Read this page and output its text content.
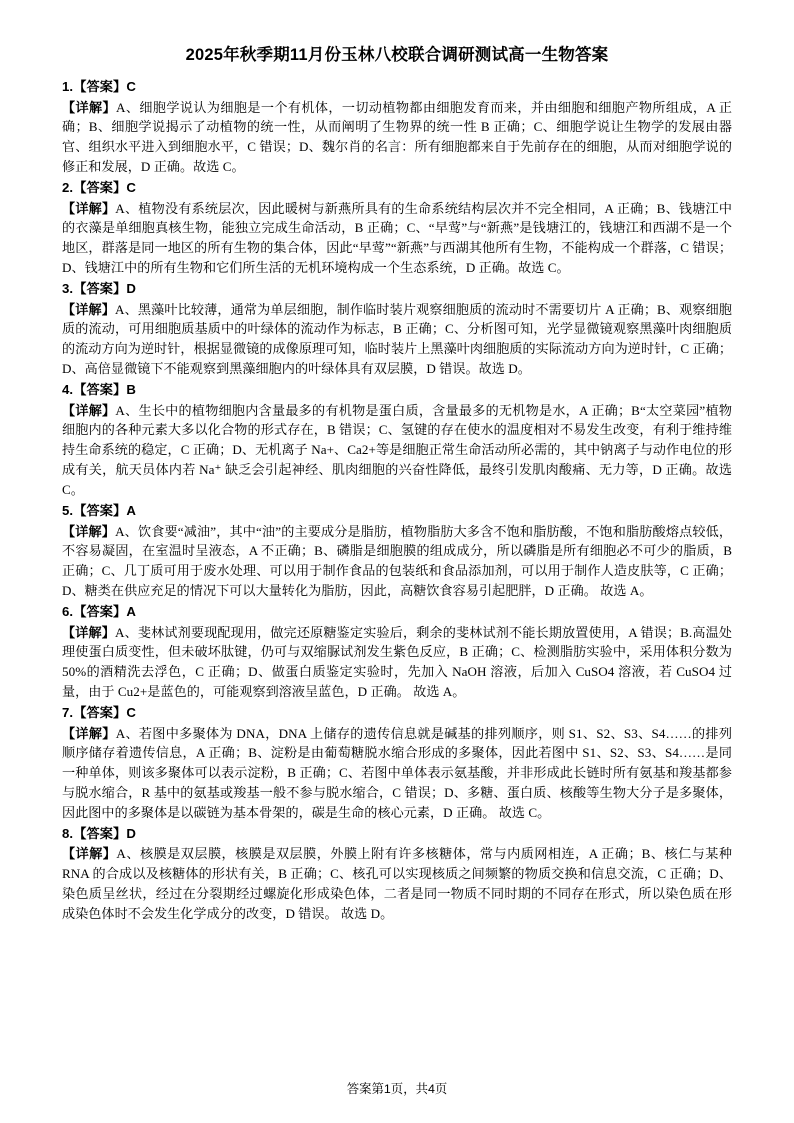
2025年秋季期11月份玉林八校联合调研测试高一生物答案

1.【答案】C

【详解】A、细胞学说认为细胞是一个有机体，一切动植物都由细胞发育而来，并由细胞和细胞产物所组成，A 正确；B、细胞学说揭示了动植物的统一性，从而阐明了生物界的统一性 B 正确；C、细胞学说让生物学的发展由器官、组织水平进入到细胞水平，C 错误；D、魏尔肖的名言：所有细胞都来自于先前存在的细胞，从而对细胞学说的修正和发展，D 正确。故选 C。

2.【答案】C

【详解】A、植物没有系统层次，因此暖树与新燕所具有的生命系统结构层次并不完全相同，A 正确；B、钱塘江中的衣藻是单细胞真核生物，能独立完成生命活动，B 正确；C、“早莺”与“新燕”是钱塘江的，钱塘江和西湖不是一个地区，群落是同一地区的所有生物的集合体，因此“早莺”“新燕”与西湖其他所有生物，不能构成一个群落，C 错误；D、钱塘江中的所有生物和它们所生活的无机环境构成一个生态系统，D 正确。故选 C。

3.【答案】D

【详解】A、黑藻叶比较薄，通常为单层细胞，制作临时装片观察细胞质的流动时不需要切片 A 正确；B、观察细胞质的流动，可用细胞质基质中的叶绿体的流动作为标志，B 正确；C、分析图可知，光学显微镜观察黑藻叶肉细胞质的流动方向为逆时针，根据显微镜的成像原理可知，临时装片上黑藻叶肉细胞质的实际流动方向为逆时针，C 正确；D、高倍显微镜下不能观察到黑藻细胞内的叶绿体具有双层膜，D 错误。故选 D。

4.【答案】B

【详解】A、生长中的植物细胞内含量最多的有机物是蛋白质，含量最多的无机物是水，A 正确；B“太空菜园”植物细胞内的各种元素大多以化合物的形式存在，B 错误；C、氢键的存在使水的温度相对不易发生改变，有利于维持维持生命系统的稳定，C 正确；D、无机离子 Na+、Ca2+等是细胞正常生命活动所必需的，其中钠离子与动作电位的形成有关，航天员体内若 Na⁺ 缺乏会引起神经、肌肉细胞的兴奋性降低，最终引发肌肉酸痛、无力等，D 正确。故选 C。

5.【答案】A

【详解】A、饮食要“减油”，其中“油”的主要成分是脂肪，植物脂肪大多含不饱和脂肪酸，不饱和脂肪酸熔点较低，不容易凝固，在室温时呈液态，A 不正确；B、磷脂是细胞膜的组成成分，所以磷脂是所有细胞必不可少的脂质，B 正确；C、几丁质可用于废水处理、可以用于制作食品的包装纸和食品添加剂，可以用于制作人造皮肤等，C 正确；D、糖类在供应充足的情况下可以大量转化为脂肪，因此，高糖饮食容易引起肥胖，D 正确。 故选 A。

6.【答案】A

【详解】A、斐林试剂要现配现用，做完还原糖鉴定实验后，剩余的斐林试剂不能长期放置使用，A 错误；B.高温处理使蛋白质变性，但未破坏肽键，仍可与双缩脲试剂发生紫色反应，B 正确；C、检测脂肪实验中，采用体积分数为 50%的酒精洗去浮色，C 正确；D、做蛋白质鉴定实验时，先加入 NaOH 溶液，后加入 CuSO4 溶液，若 CuSO4 过量，由于 Cu2+是蓝色的，可能观察到溶液呈蓝色，D 正确。 故选 A。

7.【答案】C

【详解】A、若图中多聚体为 DNA，DNA 上储存的遗传信息就是碱基的排列顺序，则 S1、S2、S3、S4……的排列顺序储存着遗传信息，A 正确；B、淀粉是由葡萄糖脱水缩合形成的多聚体，因此若图中 S1、S2、S3、S4……是同一种单体，则该多聚体可以表示淀粉，B 正确；C、若图中单体表示氨基酸，并非形成此长链时所有氨基和羧基都参与脱水缩合，R 基中的氨基或羧基一般不参与脱水缩合，C 错误；D、多糖、蛋白质、核酸等生物大分子是多聚体，因此图中的多聚体是以碳链为基本骨架的，碳是生命的核心元素，D 正确。 故选 C。

8.【答案】D

【详解】A、核膜是双层膜，核膜是双层膜，外膜上附有许多核糖体，常与内质网相连，A 正确；B、核仁与某种 RNA 的合成以及核糖体的形状有关，B 正确；C、核孔可以实现核质之间频繁的物质交换和信息交流，C 正确；D、染色质呈丝状，经过在分裂期经过螺旋化形成染色体，二者是同一物质不同时期的不同存在形式，所以染色质在形成染色体时不会发生化学成分的改变，D 错误。 故选 D。

答案第1页，共4页
